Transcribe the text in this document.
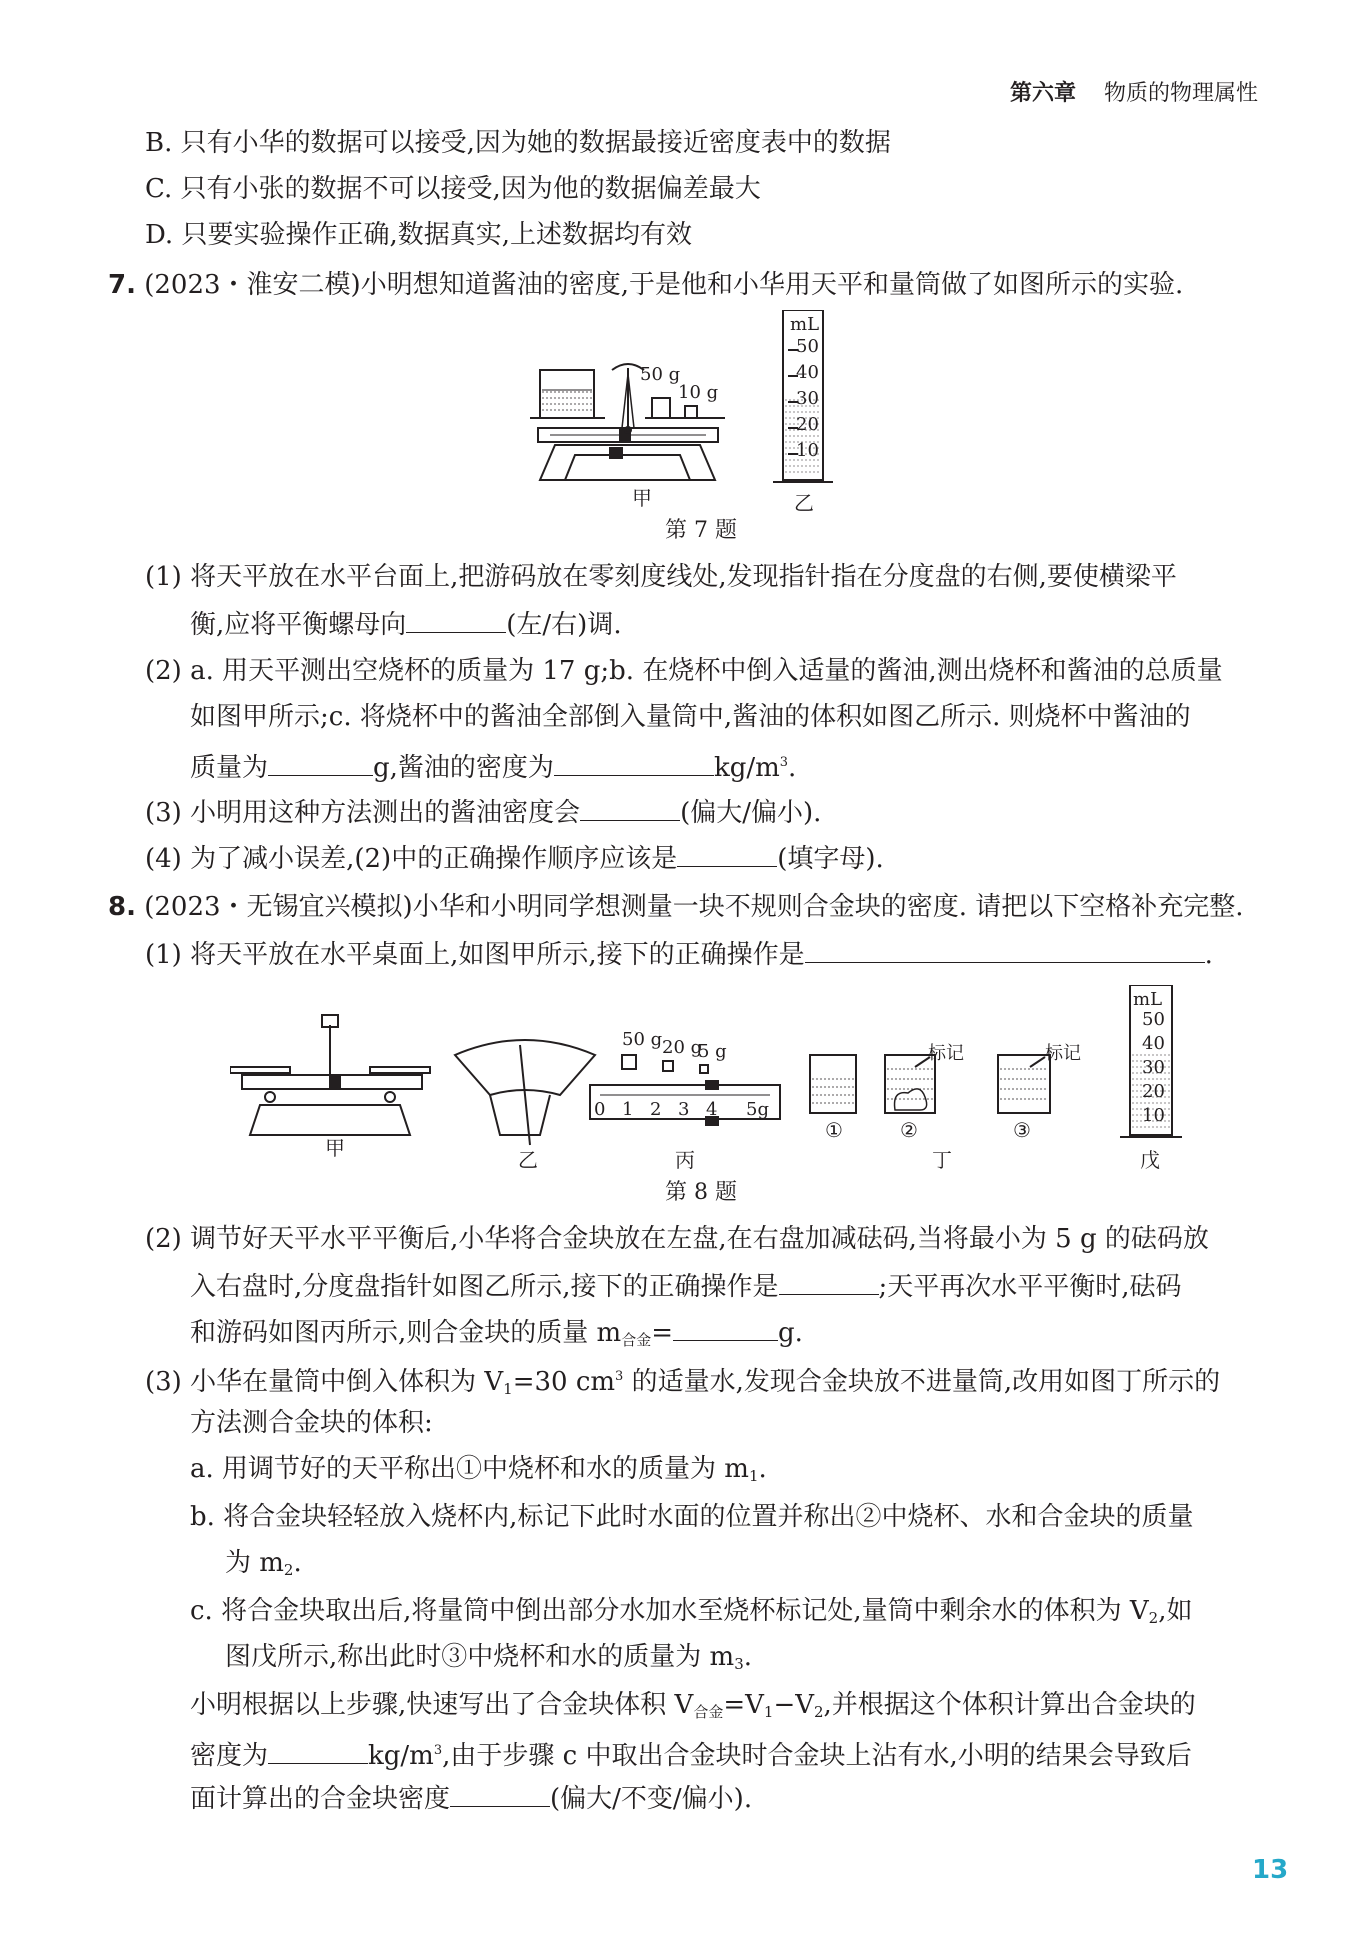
第六章 物质的物理属性
B. 只有小华的数据可以接受,因为她的数据最接近密度表中的数据
C. 只有小张的数据不可以接受,因为他的数据偏差最大
D. 只要实验操作正确,数据真实,上述数据均有效
7. (2023・淮安二模)小明想知道酱油的密度,于是他和小华用天平和量筒做了如图所示的实验.
50 g
10 g
mL
50
40
30
20
10
甲	乙
第 7 题
(1) 将天平放在水平台面上,把游码放在零刻度线处,发现指针指在分度盘的右侧,要使横梁平
衡,应将平衡螺母向	(左/右)调.
(2) a. 用天平测出空烧杯的质量为 17 g;b. 在烧杯中倒入适量的酱油,测出烧杯和酱油的总质量
如图甲所示;c. 将烧杯中的酱油全部倒入量筒中,酱油的体积如图乙所示. 则烧杯中酱油的
质量为	g,酱油的密度为	$kg/m^3$.
(3) 小明用这种方法测出的酱油密度会	(偏大/偏小).
(4) 为了减小误差,(2)中的正确操作顺序应该是	(填字母).
8. (2023・无锡宜兴模拟)小华和小明同学想测量一块不规则合金块的密度. 请把以下空格补充完整.
(1) 将天平放在水平桌面上,如图甲所示,接下的正确操作是	.
甲	乙
50 g 20 g
5 g
0 1 2 3 4 5g
丙
标记	标记
①	②	③
丁
mL
50
40
30
20
10
戊
第 8 题
(2) 调节好天平水平平衡后,小华将合金块放在左盘,在右盘加减砝码,当将最小为 5 g 的砝码放
入右盘时,分度盘指针如图乙所示,接下的正确操作是	;天平再次水平平衡时,砝码
和游码如图丙所示,则合金块的质量 $m_{合金}=$	g.
(3) 小华在量筒中倒入体积为 $V_1=30$ $cm^3$ 的适量水,发现合金块放不进量筒,改用如图丁所示的
方法测合金块的体积:
a. 用调节好的天平称出①中烧杯和水的质量为 $m_1$.
b. 将合金块轻轻放入烧杯内,标记下此时水面的位置并称出②中烧杯、水和合金块的质量
为 $m_2$.
c. 将合金块取出后,将量筒中倒出部分水加水至烧杯标记处,量筒中剩余水的体积为 $V_2$,如
图戊所示,称出此时③中烧杯和水的质量为 $m_3$.
小明根据以上步骤,快速写出了合金块体积 $V_{合金}=V_1-V_2$,并根据这个体积计算出合金块的
密度为	$kg/m^3$,由于步骤 c 中取出合金块时合金块上沾有水,小明的结果会导致后
面计算出的合金块密度	(偏大/不变/偏小).
13
